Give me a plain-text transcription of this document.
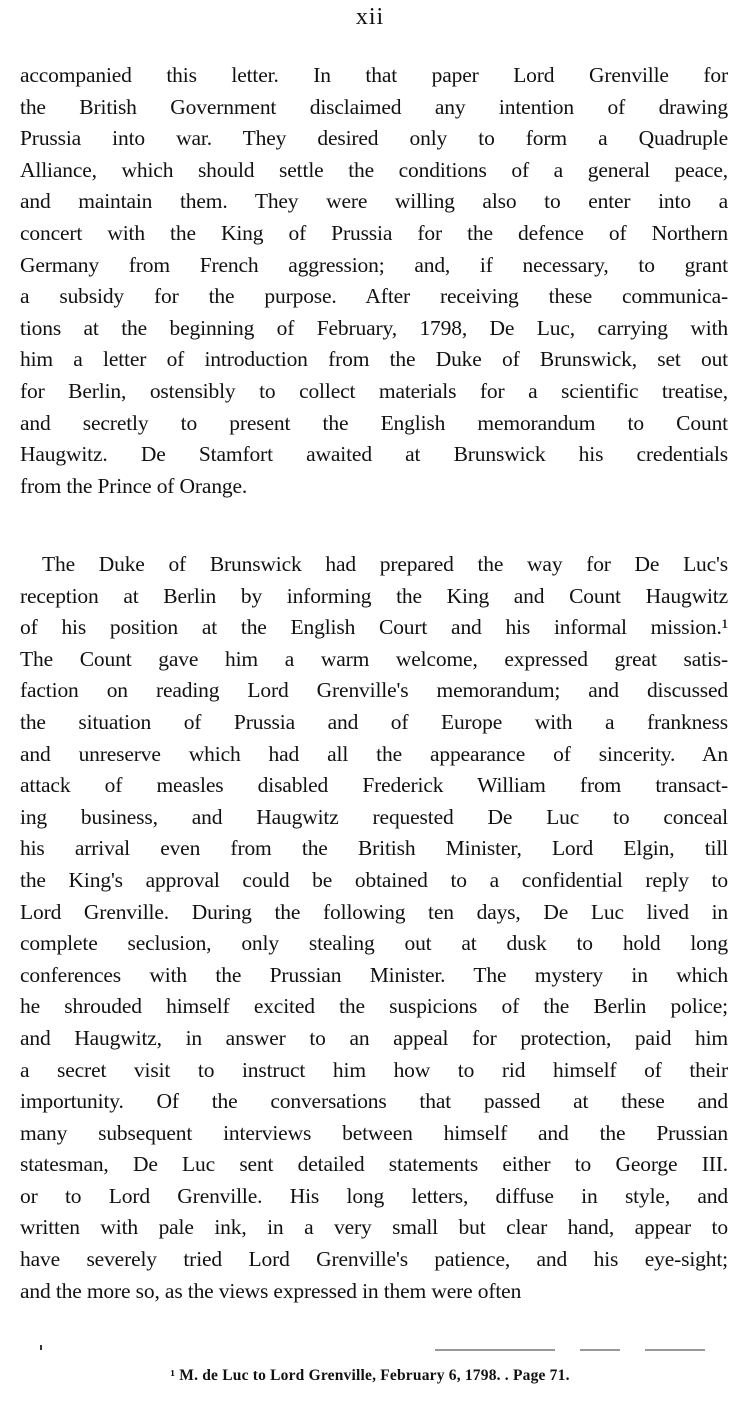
xii
accompanied this letter. In that paper Lord Grenville for
the British Government disclaimed any intention of drawing
Prussia into war. They desired only to form a Quadruple
Alliance, which should settle the conditions of a general peace,
and maintain them. They were willing also to enter into a
concert with the King of Prussia for the defence of Northern
Germany from French aggression; and, if necessary, to grant
a subsidy for the purpose. After receiving these communica-
tions at the beginning of February, 1798, De Luc, carrying with
him a letter of introduction from the Duke of Brunswick, set out
for Berlin, ostensibly to collect materials for a scientific treatise,
and secretly to present the English memorandum to Count
Haugwitz. De Stamfort awaited at Brunswick his credentials
from the Prince of Orange.
The Duke of Brunswick had prepared the way for De Luc's
reception at Berlin by informing the King and Count Haugwitz
of his position at the English Court and his informal mission.¹
The Count gave him a warm welcome, expressed great satis-
faction on reading Lord Grenville's memorandum; and discussed
the situation of Prussia and of Europe with a frankness
and unreserve which had all the appearance of sincerity. An
attack of measles disabled Frederick William from transact-
ing business, and Haugwitz requested De Luc to conceal
his arrival even from the British Minister, Lord Elgin, till
the King's approval could be obtained to a confidential reply to
Lord Grenville. During the following ten days, De Luc lived in
complete seclusion, only stealing out at dusk to hold long
conferences with the Prussian Minister. The mystery in which
he shrouded himself excited the suspicions of the Berlin police;
and Haugwitz, in answer to an appeal for protection, paid him
a secret visit to instruct him how to rid himself of their
importunity. Of the conversations that passed at these and
many subsequent interviews between himself and the Prussian
statesman, De Luc sent detailed statements either to George III.
or to Lord Grenville. His long letters, diffuse in style, and
written with pale ink, in a very small but clear hand, appear to
have severely tried Lord Grenville's patience, and his eye-sight;
and the more so, as the views expressed in them were often
¹ M. de Luc to Lord Grenville, February 6, 1798. . Page 71.
